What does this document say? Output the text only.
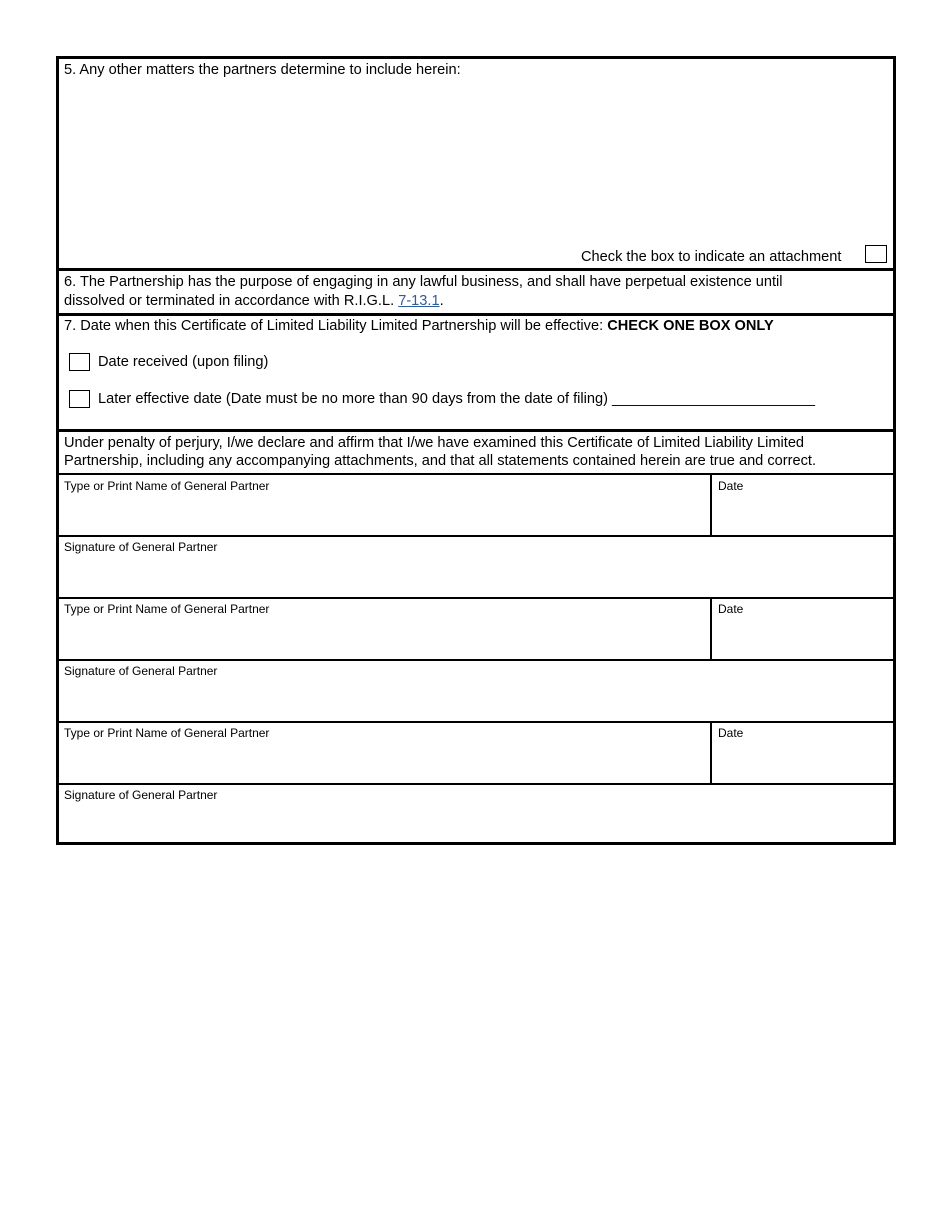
5. Any other matters the partners determine to include herein:
Check the box to indicate an attachment
6. The Partnership has the purpose of engaging in any lawful business, and shall have perpetual existence until
dissolved or terminated in accordance with R.I.G.L. 7-13.1.
7. Date when this Certificate of Limited Liability Limited Partnership will be effective: CHECK ONE BOX ONLY
Date received (upon filing)
Later effective date (Date must be no more than 90 days from the date of filing) _________________________
Under penalty of perjury, I/we declare and affirm that I/we have examined this Certificate of Limited Liability Limited
Partnership, including any accompanying attachments, and that all statements contained herein are true and correct.
Type or Print Name of General Partner	Date
Signature of General Partner
Type or Print Name of General Partner	Date
Signature of General Partner
Type or Print Name of General Partner	Date
Signature of General Partner
